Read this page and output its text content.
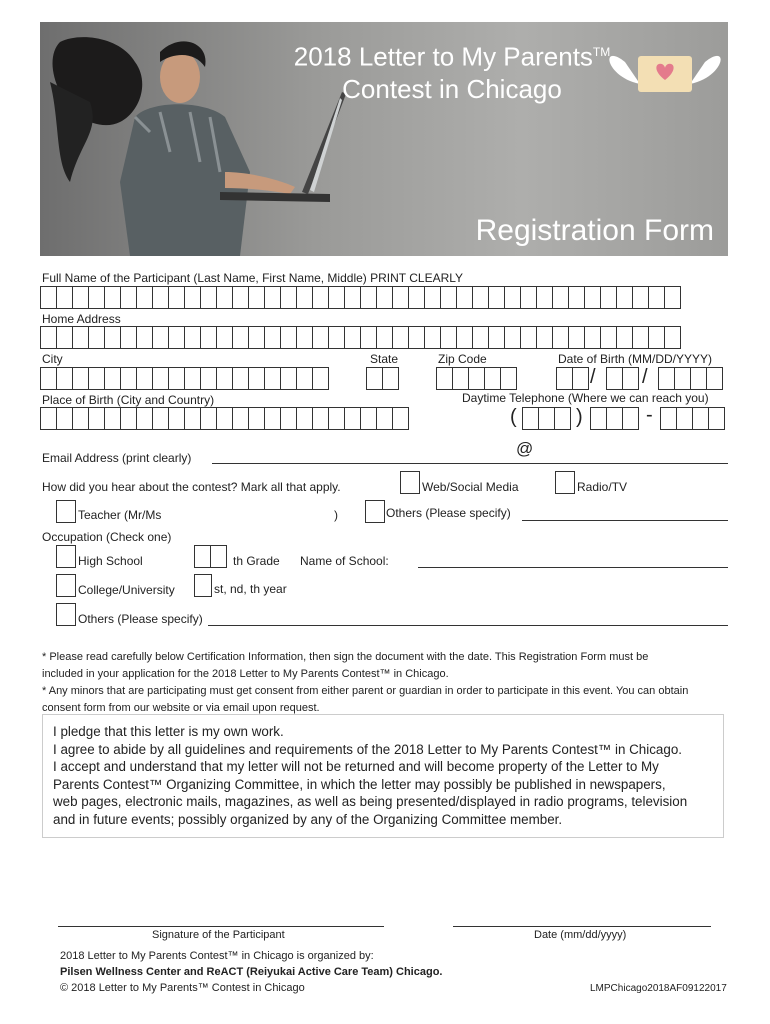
2018 Letter to My Parents™
Contest in Chicago
Registration Form
Full Name of the Participant (Last Name, First Name, Middle) PRINT CLEARLY
Home Address
City	State	Zip Code	Date of Birth (MM/DD/YYYY)
/ /
Place of Birth (City and Country)	Daytime Telephone (Where we can reach you)
(	)	-
Email Address (print clearly)	@
How did you hear about the contest? Mark all that apply.	Web/Social Media	Radio/TV
Teacher (Mr/Ms	)	Others (Please specify)
Occupation (Check one)
High School	th Grade Name of School:
College/University	st, nd, th year
Others (Please specify)
* Please read carefully below Certification Information, then sign the document with the date. This Registration Form must be
included in your application for the 2018 Letter to My Parents Contest™ in Chicago.
* Any minors that are participating must get consent from either parent or guardian in order to participate in this event. You can obtain
consent form from our website or via email upon request.
I pledge that this letter is my own work.
I agree to abide by all guidelines and requirements of the 2018 Letter to My Parents Contest™ in Chicago.
I accept and understand that my letter will not be returned and will become property of the Letter to My
Parents Contest™ Organizing Committee, in which the letter may possibly be published in newspapers,
web pages, electronic mails, magazines, as well as being presented/displayed in radio programs, television
and in future events; possibly organized by any of the Organizing Committee member.
Signature of the Participant	Date (mm/dd/yyyy)
2018 Letter to My Parents Contest™ in Chicago is organized by:
Pilsen Wellness Center and ReACT (Reiyukai Active Care Team) Chicago.
© 2018 Letter to My Parents™ Contest in Chicago	LMPChicago2018AF09122017
